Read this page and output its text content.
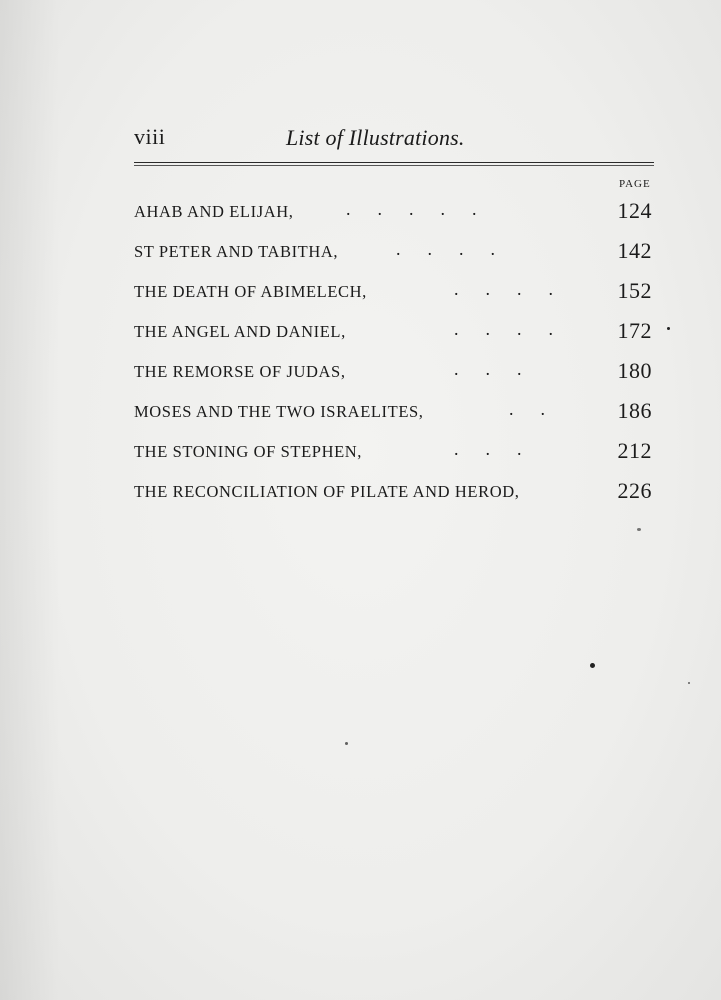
viii	List of Illustrations.
PAGE
AHAB AND ELIJAH,	.      .      .      .      .	124
ST PETER AND TABITHA,	.      .      .      .	142
THE DEATH OF ABIMELECH,	.      .      .      .	152
THE ANGEL AND DANIEL,	.      .      .      .	172
THE REMORSE OF JUDAS,	.      .      .	180
MOSES AND THE TWO ISRAELITES,	.      .	186
THE STONING OF STEPHEN,	.      .      .	212
THE RECONCILIATION OF PILATE AND HEROD,	226
